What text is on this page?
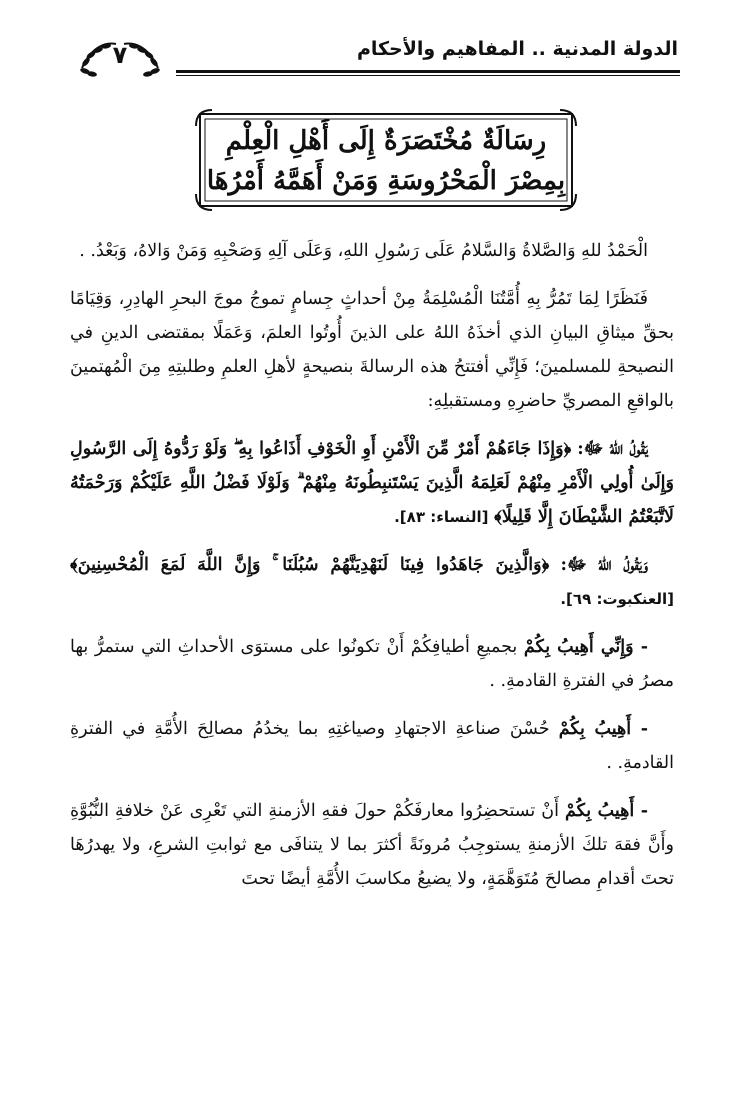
الدولة المدنية .. المفاهيم والأحكام
٧
رِسَالَةٌ مُخْتَصَرَةٌ إِلَى أَهْلِ الْعِلْمِ
بِمِصْرَ الْمَحْرُوسَةِ وَمَنْ أَهَمَّهُ أَمْرُهَا

الْحَمْدُ للهِ وَالصَّلاةُ وَالسَّلامُ عَلَى رَسُولِ اللهِ، وَعَلَى آلِهِ وَصَحْبِهِ وَمَنْ وَالاهُ، وَبَعْدُ. .

فَنَظَرًا لِمَا تَمُرُّ بِهِ أُمَّتُنَا الْمُسْلِمَةُ مِنْ أحداثٍ جِسامٍ تموجُ موجَ البحرِ الهادِرِ، وَقِيَامًا بحقِّ ميثاقِ البيانِ الذي أخذَهُ اللهُ على الذينَ أُوتُوا العلمَ، وَعَمَلًا بمقتضى الدينِ في النصيحةِ للمسلمينَ؛ فَإِنِّي أفتتحُ هذه الرسالةَ بنصيحةٍ لأهلِ العلمِ وطلبتِهِ مِنَ الْمُهتمينَ بالواقعِ المصريِّ حاضرِهِ ومستقبلِهِ:

يَقُولُ اللهُ ﷻ: ﴿وَإِذَا جَاءَهُمْ أَمْرٌ مِّنَ الْأَمْنِ أَوِ الْخَوْفِ أَذَاعُوا بِهِ ۖ وَلَوْ رَدُّوهُ إِلَى الرَّسُولِ وَإِلَىٰ أُولِي الْأَمْرِ مِنْهُمْ لَعَلِمَهُ الَّذِينَ يَسْتَنبِطُونَهُ مِنْهُمْ ۗ وَلَوْلَا فَضْلُ اللَّهِ عَلَيْكُمْ وَرَحْمَتُهُ لَاتَّبَعْتُمُ الشَّيْطَانَ إِلَّا قَلِيلًا﴾ [النساء: ٨٣].

وَيَقُولُ اللهُ ﷻ: ﴿وَالَّذِينَ جَاهَدُوا فِينَا لَنَهْدِيَنَّهُمْ سُبُلَنَا ۚ وَإِنَّ اللَّهَ لَمَعَ الْمُحْسِنِينَ﴾ [العنكبوت: ٦٩].

- وَإِنِّي أَهِيبُ بِكُمْ بجميعِ أطيافِكُمْ أَنْ تكونُوا على مستوَى الأحداثِ التي ستمرُّ بها مصرُ في الفترةِ القادمةِ. .

- أَهِيبُ بِكُمْ حُسْنَ صناعةِ الاجتهادِ وصياغتِهِ بما يخدُمُ مصالِحَ الأُمَّةِ في الفترةِ القادمةِ. .

- أَهِيبُ بِكُمْ أَنْ تستحضِرُوا معارفَكُمْ حولَ فقهِ الأزمنةِ التي تَعْرِى عَنْ خلافةِ النُّبُوَّةِ وأَنَّ فقهَ تلكَ الأزمنةِ يستوجِبُ مُرونَةً أكثرَ بما لا يتنافَى مع ثوابتِ الشرعِ، ولا يهدرُهَا تحتَ أقدامِ مصالحَ مُتَوَهَّمَةٍ، ولا يضيعُ مكاسبَ الأُمَّةِ أيضًا تحتَ
